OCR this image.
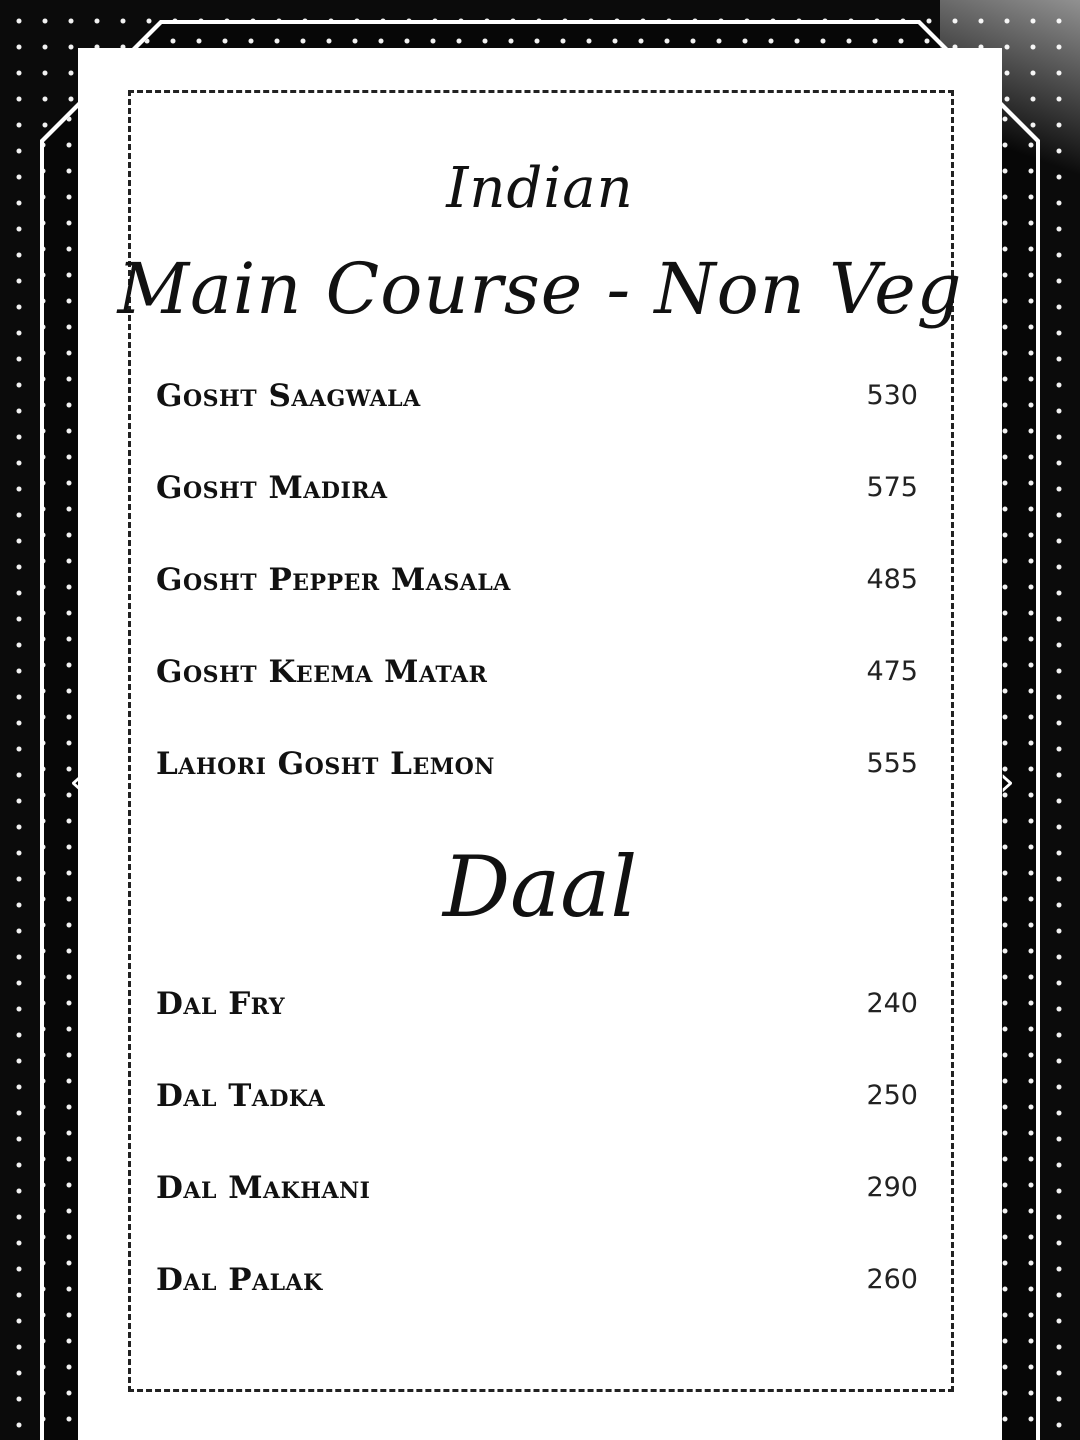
Indian
Main Course - Non Veg
Gosht Saagwala	530
Gosht Madira	575
Gosht Pepper Masala	485
Gosht Keema Matar	475
Lahori Gosht Lemon	555
Daal
Dal Fry	240
Dal Tadka	250
Dal Makhani	290
Dal Palak	260
‹	›
